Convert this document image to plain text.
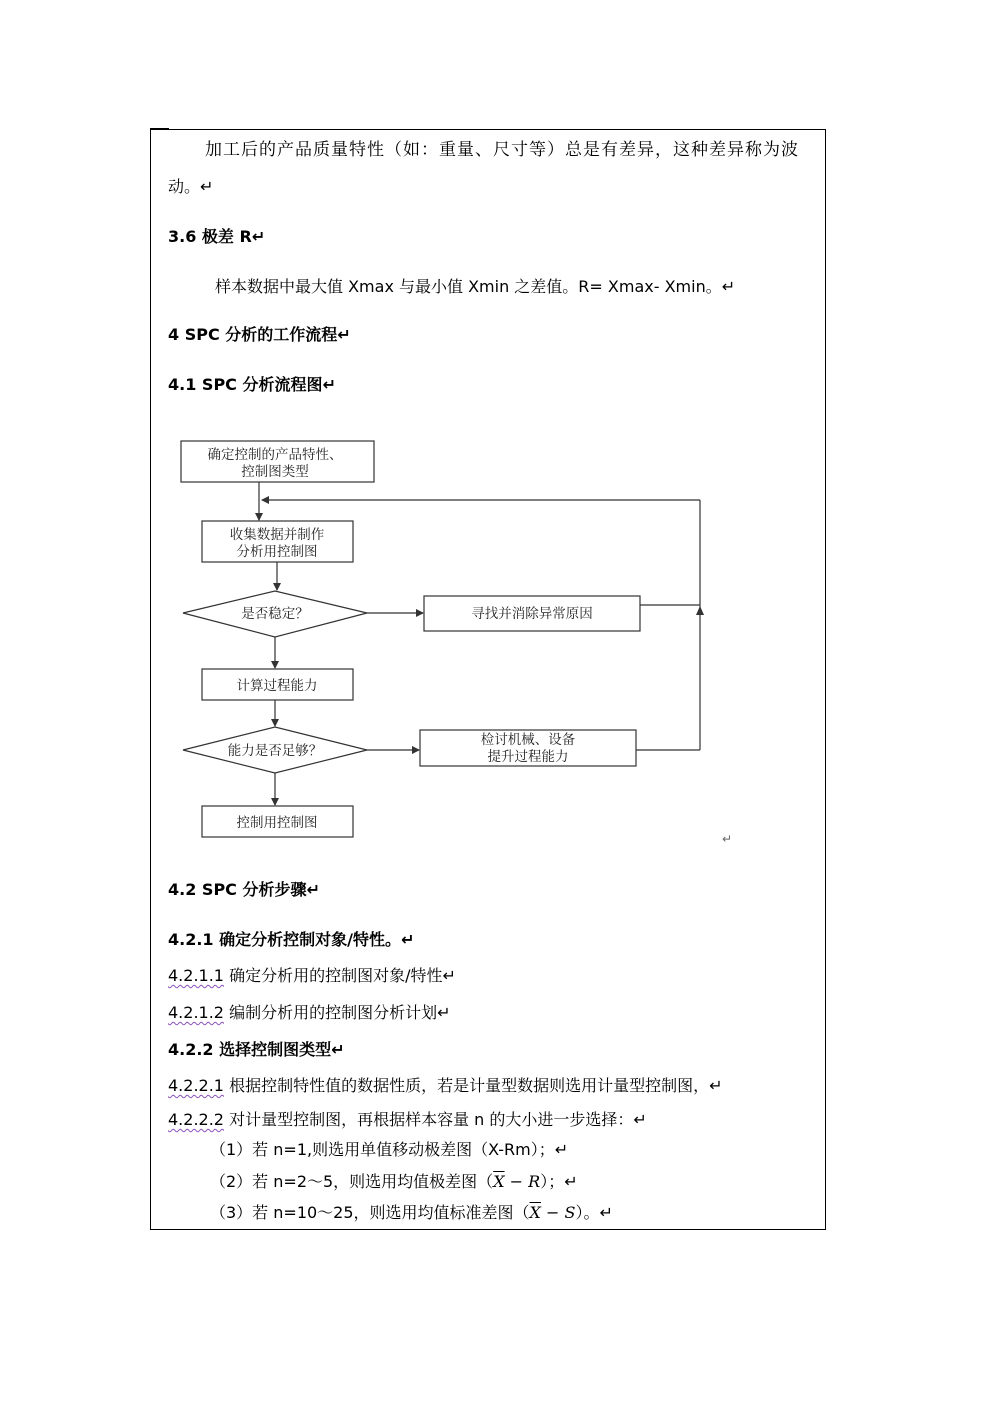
加工后的产品质量特性（如：重量、尺寸等）总是有差异，这种差异称为波
动。↵
3.6 极差 R↵
样本数据中最大值 Xmax 与最小值 Xmin 之差值。R= Xmax- Xmin。↵
4 SPC 分析的工作流程↵
4.1 SPC 分析流程图↵
确定控制的产品特性、
控制图类型
收集数据并制作
分析用控制图
是否稳定？	寻找并消除异常原因
计算过程能力
能力是否足够？
检讨机械、设备
提升过程能力
控制用控制图
↵
4.2 SPC 分析步骤↵
4.2.1 确定分析控制对象/特性。↵
4.2.1.1 确定分析用的控制图对象/特性↵
4.2.1.2 编制分析用的控制图分析计划↵
4.2.2 选择控制图类型↵
4.2.2.1 根据控制特性值的数据性质，若是计量型数据则选用计量型控制图，↵
4.2.2.2 对计量型控制图，再根据样本容量 n 的大小进一步选择：↵
（1）若 n=1,则选用单值移动极差图（X-Rm）；↵
（2）若 n=2～5，则选用均值极差图$(\overline{X} - R)$；↵
（3）若 n=10～25，则选用均值标准差图$(\overline{X} - S)$。↵
